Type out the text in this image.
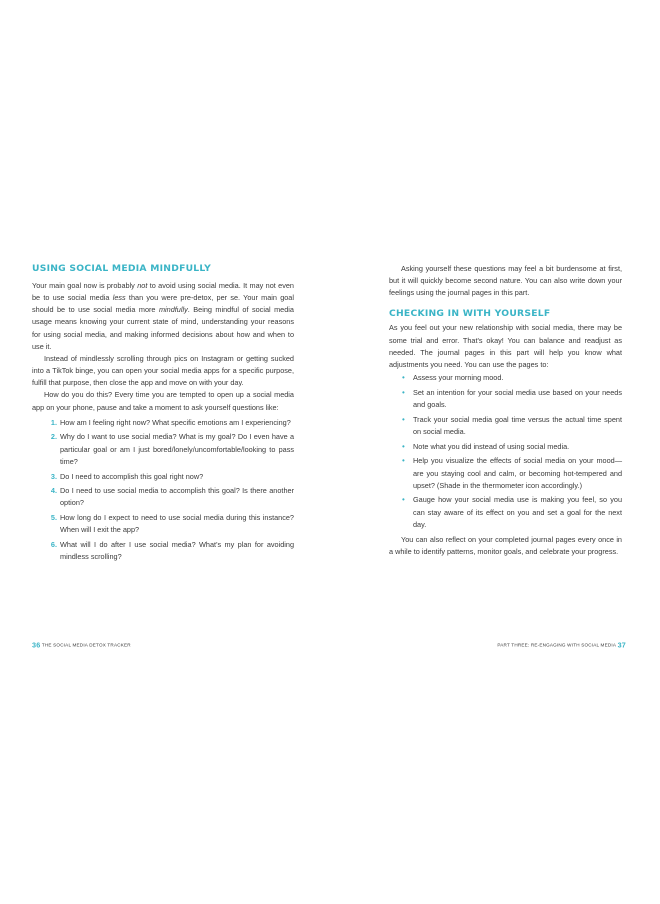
USING SOCIAL MEDIA MINDFULLY

Your main goal now is probably not to avoid using social media. It may not even be to use social media less than you were pre-detox, per se. Your main goal should be to use social media more mindfully. Being mindful of social media usage means knowing your current state of mind, understanding your reasons for using social media, and making informed decisions about how and when to use it.

Instead of mindlessly scrolling through pics on Instagram or getting sucked into a TikTok binge, you can open your social media apps for a specific purpose, fulfill that purpose, then close the app and move on with your day.

How do you do this? Every time you are tempted to open up a social media app on your phone, pause and take a moment to ask yourself questions like:

1. How am I feeling right now? What specific emotions am I experiencing?
2. Why do I want to use social media? What is my goal? Do I even have a particular goal or am I just bored/lonely/uncomfortable/looking to pass time?
3. Do I need to accomplish this goal right now?
4. Do I need to use social media to accomplish this goal? Is there another option?
5. How long do I expect to need to use social media during this instance? When will I exit the app?
6. What will I do after I use social media? What's my plan for avoiding mindless scrolling?

Asking yourself these questions may feel a bit burdensome at first, but it will quickly become second nature. You can also write down your feelings using the journal pages in this part.

CHECKING IN WITH YOURSELF

As you feel out your new relationship with social media, there may be some trial and error. That's okay! You can balance and readjust as needed. The journal pages in this part will help you know what adjustments you need. You can use the pages to:

• Assess your morning mood.
• Set an intention for your social media use based on your needs and goals.
• Track your social media goal time versus the actual time spent on social media.
• Note what you did instead of using social media.
• Help you visualize the effects of social media on your mood—are you staying cool and calm, or becoming hot-tempered and upset? (Shade in the thermometer icon accordingly.)
• Gauge how your social media use is making you feel, so you can stay aware of its effect on you and set a goal for the next day.

You can also reflect on your completed journal pages every once in a while to identify patterns, monitor goals, and celebrate your progress.

36 THE SOCIAL MEDIA DETOX TRACKER	PART THREE: RE-ENGAGING WITH SOCIAL MEDIA 37
